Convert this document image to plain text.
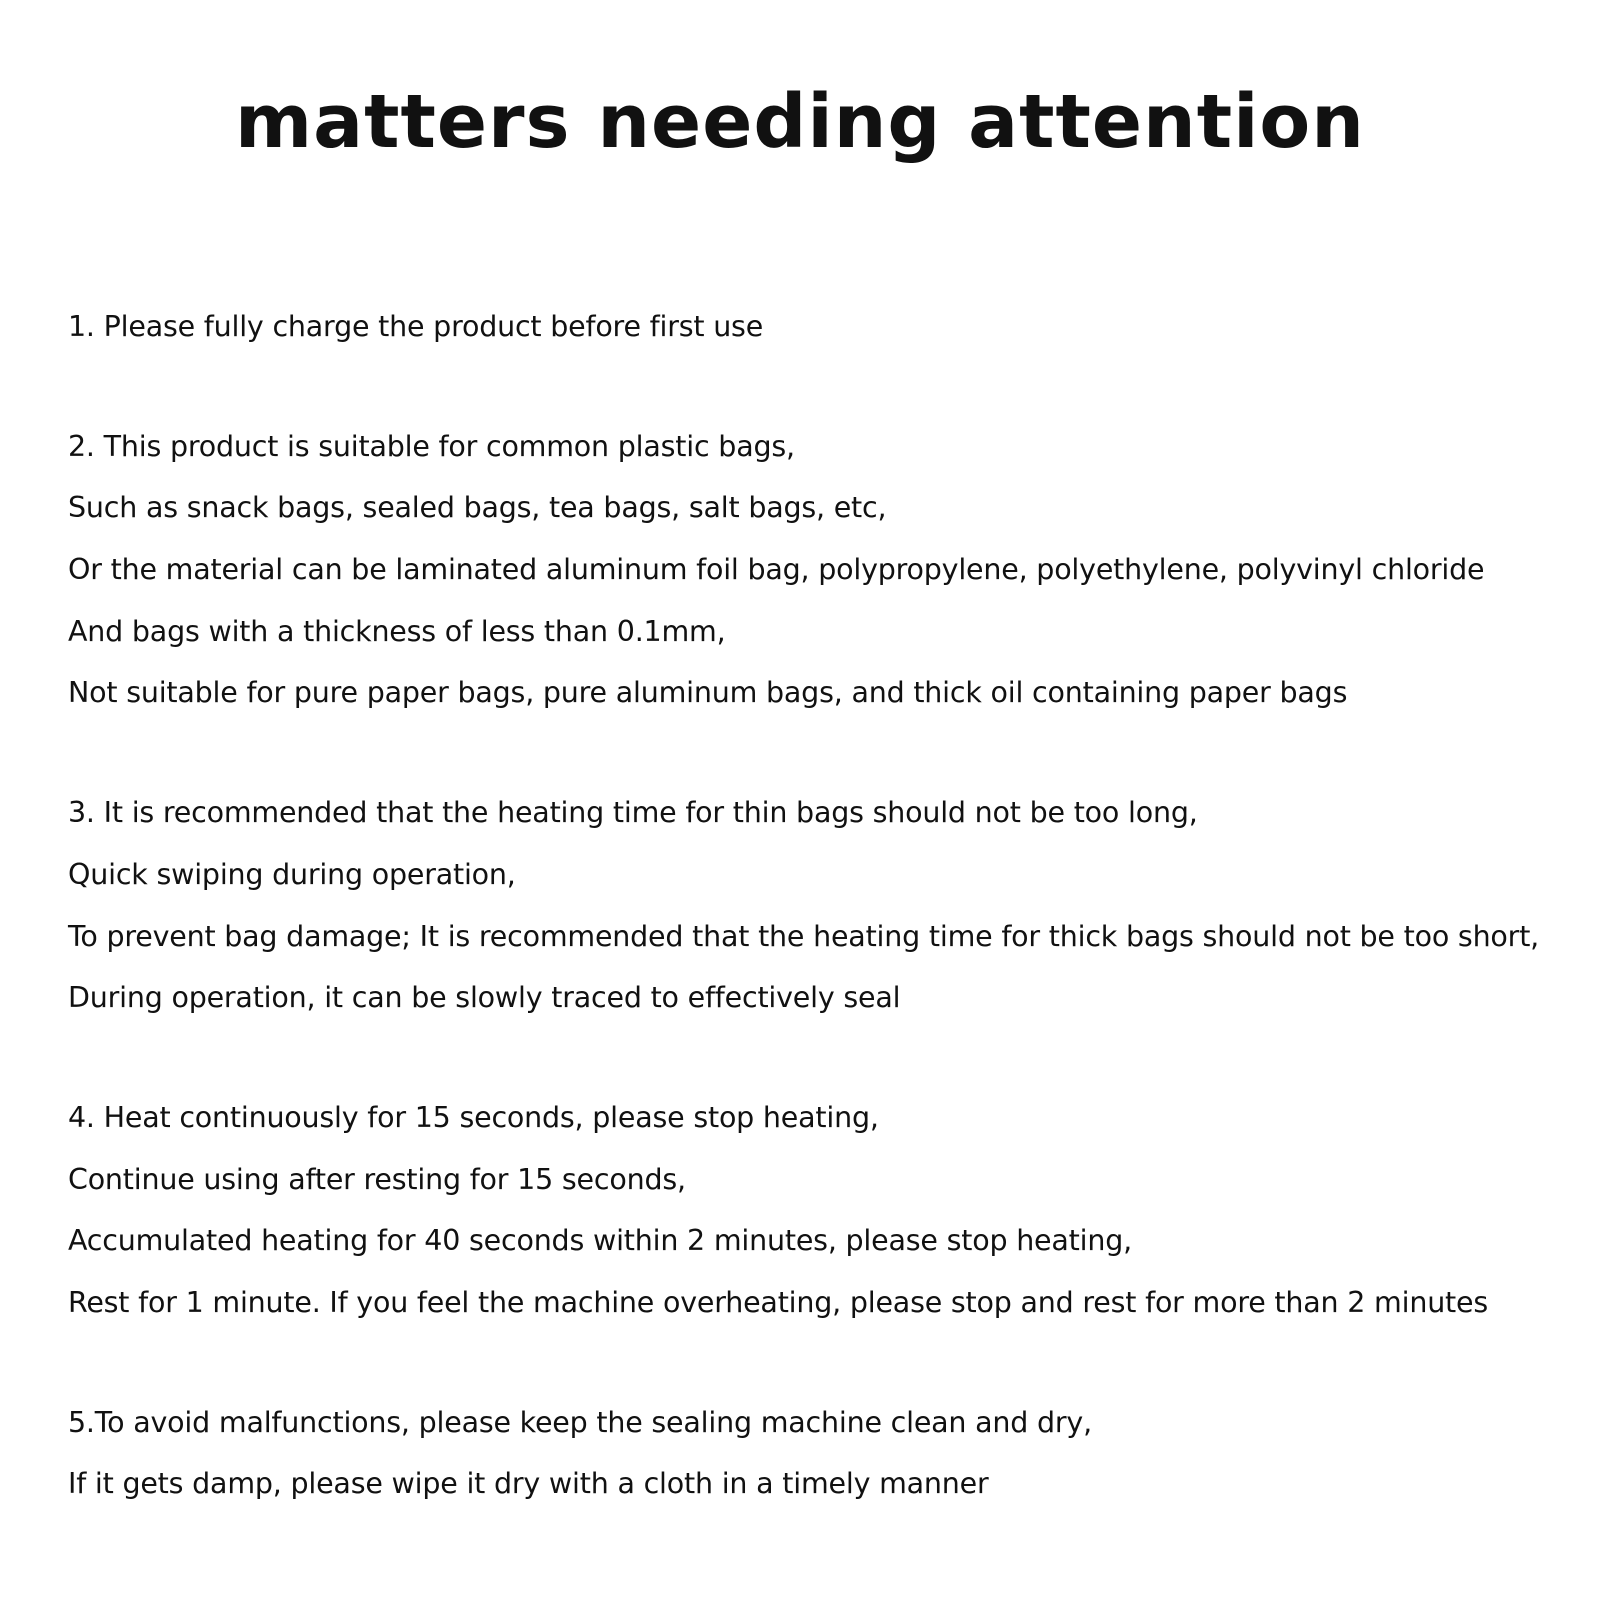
matters needing attention
1. Please fully charge the product before first use
2. This product is suitable for common plastic bags,
Such as snack bags, sealed bags, tea bags, salt bags, etc,
Or the material can be laminated aluminum foil bag, polypropylene, polyethylene, polyvinyl chloride
And bags with a thickness of less than 0.1mm,
Not suitable for pure paper bags, pure aluminum bags, and thick oil containing paper bags
3. It is recommended that the heating time for thin bags should not be too long,
Quick swiping during operation,
To prevent bag damage; It is recommended that the heating time for thick bags should not be too short,
During operation, it can be slowly traced to effectively seal
4. Heat continuously for 15 seconds, please stop heating,
Continue using after resting for 15 seconds,
Accumulated heating for 40 seconds within 2 minutes, please stop heating,
Rest for 1 minute. If you feel the machine overheating, please stop and rest for more than 2 minutes
5.To avoid malfunctions, please keep the sealing machine clean and dry,
If it gets damp, please wipe it dry with a cloth in a timely manner
